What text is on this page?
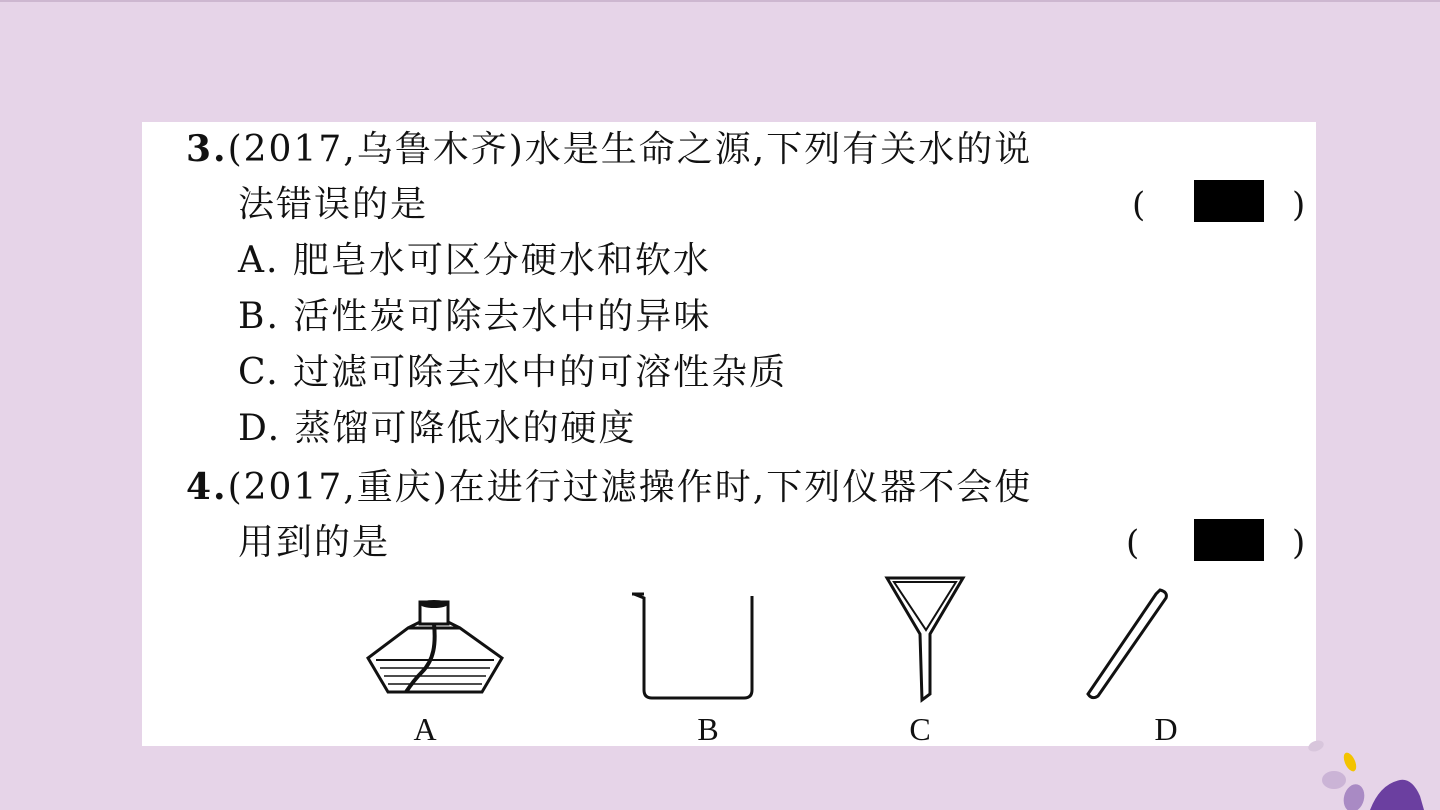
3.(2017,乌鲁木齐)水是生命之源,下列有关水的说
法错误的是	(	)
A. 肥皂水可区分硬水和软水
B. 活性炭可除去水中的异味
C. 过滤可除去水中的可溶性杂质
D. 蒸馏可降低水的硬度
4.(2017,重庆)在进行过滤操作时,下列仪器不会使
用到的是	(	)
A	B	C	D
